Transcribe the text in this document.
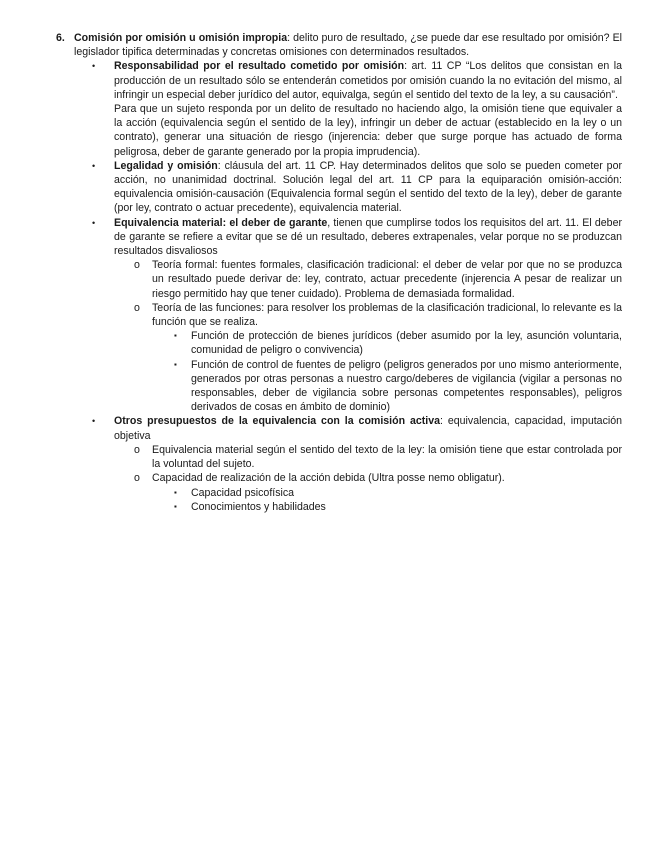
6. Comisión por omisión u omisión impropia: delito puro de resultado, ¿se puede dar ese resultado por omisión? El legislador tipifica determinadas y concretas omisiones con determinados resultados.

• Responsabilidad por el resultado cometido por omisión: art. 11 CP “Los delitos que consistan en la producción de un resultado sólo se entenderán cometidos por omisión cuando la no evitación del mismo, al infringir un especial deber jurídico del autor, equivalga, según el sentido del texto de la ley, a su causación”.

Para que un sujeto responda por un delito de resultado no haciendo algo, la omisión tiene que equivaler a la acción (equivalencia según el sentido de la ley), infringir un deber de actuar (establecido en la ley o un contrato), generar una situación de riesgo (injerencia: deber que surge porque has actuado de forma peligrosa, deber de garante generado por la propia imprudencia).

• Legalidad y omisión: cláusula del art. 11 CP. Hay determinados delitos que solo se pueden cometer por acción, no unanimidad doctrinal. Solución legal del art. 11 CP para la equiparación omisión-acción: equivalencia omisión-causación (Equivalencia formal según el sentido del texto de la ley), deber de garante (por ley, contrato o actuar precedente), equivalencia material.

• Equivalencia material: el deber de garante, tienen que cumplirse todos los requisitos del art. 11. El deber de garante se refiere a evitar que se dé un resultado, deberes extrapenales, velar porque no se produzcan resultados disvaliosos

o Teoría formal: fuentes formales, clasificación tradicional: el deber de velar por que no se produzca un resultado puede derivar de: ley, contrato, actuar precedente (injerencia A pesar de realizar un riesgo permitido hay que tener cuidado). Problema de demasiada formalidad.

o Teoría de las funciones: para resolver los problemas de la clasificación tradicional, lo relevante es la función que se realiza.

▪ Función de protección de bienes jurídicos (deber asumido por la ley, asunción voluntaria, comunidad de peligro o convivencia)

▪ Función de control de fuentes de peligro (peligros generados por uno mismo anteriormente, generados por otras personas a nuestro cargo/deberes de vigilancia (vigilar a personas no responsables, deber de vigilancia sobre personas competentes responsables), peligros derivados de cosas en ámbito de dominio)

• Otros presupuestos de la equivalencia con la comisión activa: equivalencia, capacidad, imputación objetiva

o Equivalencia material según el sentido del texto de la ley: la omisión tiene que estar controlada por la voluntad del sujeto.

o Capacidad de realización de la acción debida (Ultra posse nemo obligatur).

▪ Capacidad psicofísica

▪ Conocimientos y habilidades
